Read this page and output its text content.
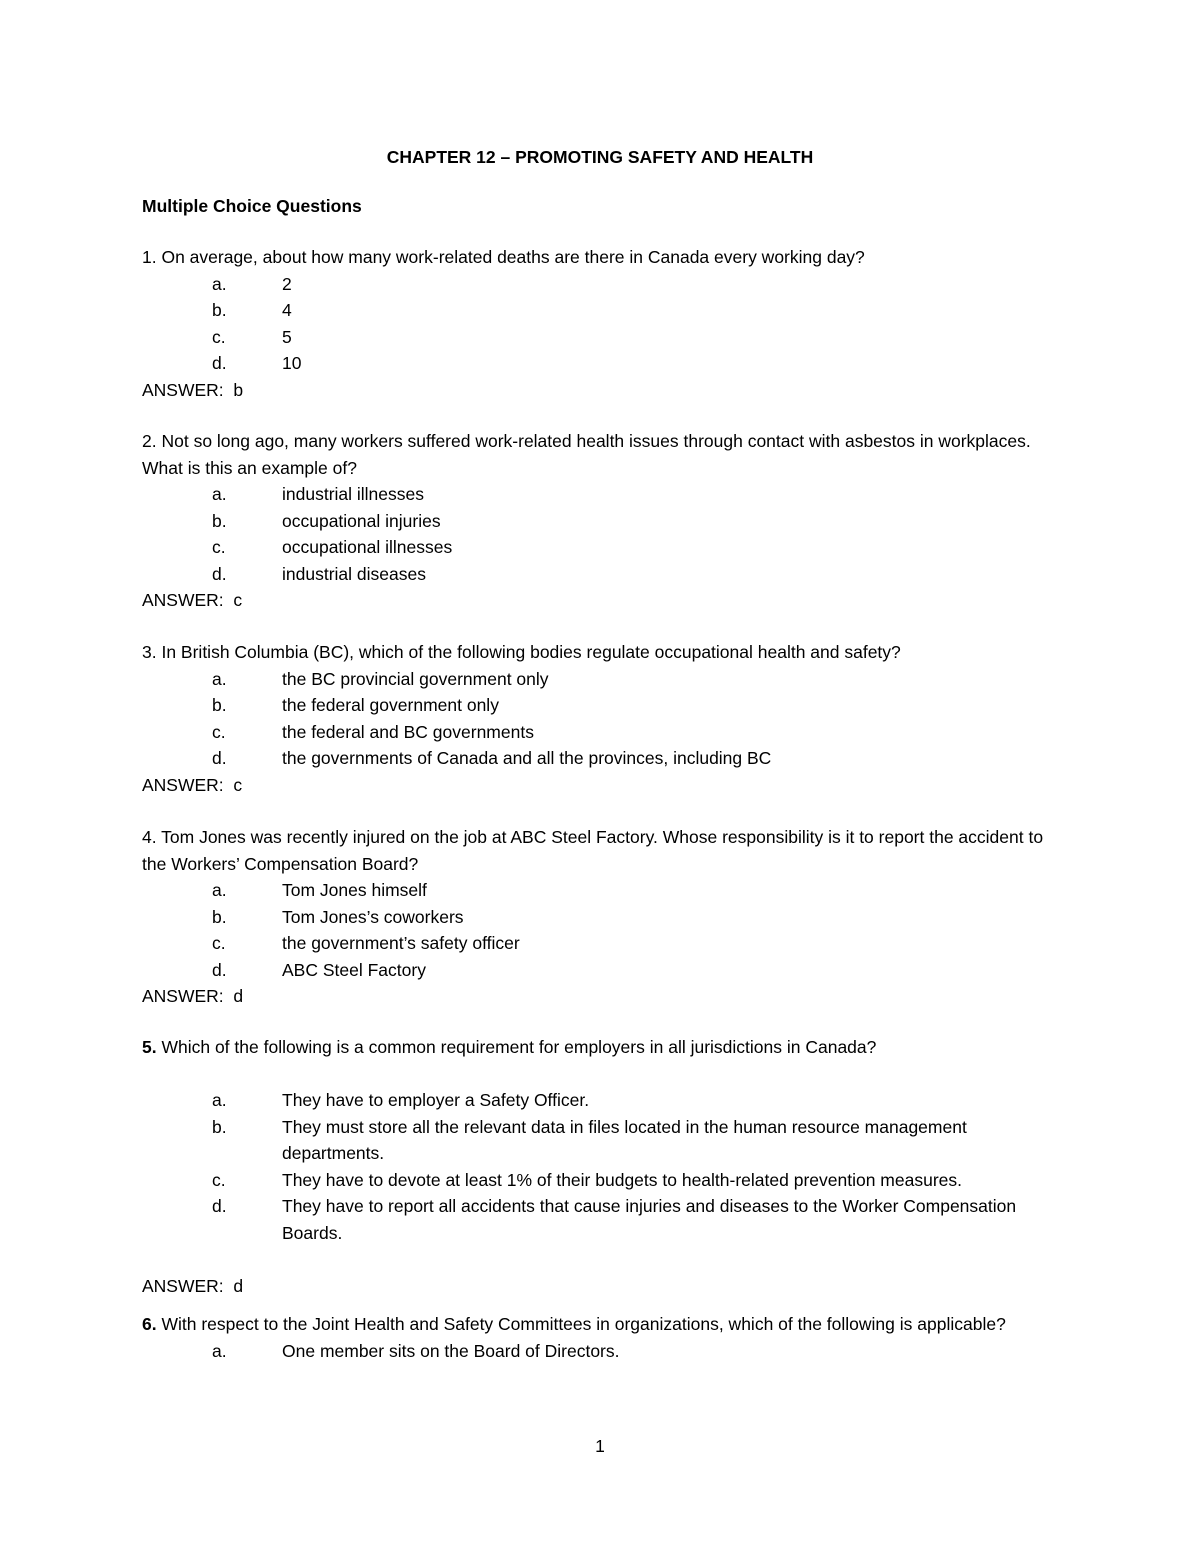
CHAPTER 12 – PROMOTING SAFETY AND HEALTH
Multiple Choice Questions
1. On average, about how many work-related deaths are there in Canada every working day?
a.	2
b.	4
c.	5
d.	10
ANSWER: b
2. Not so long ago, many workers suffered work-related health issues through contact with asbestos in workplaces. What is this an example of?
a.	industrial illnesses
b.	occupational injuries
c.	occupational illnesses
d.	industrial diseases
ANSWER: c
3. In British Columbia (BC), which of the following bodies regulate occupational health and safety?
a.	the BC provincial government only
b.	the federal government only
c.	the federal and BC governments
d.	the governments of Canada and all the provinces, including BC
ANSWER: c
4. Tom Jones was recently injured on the job at ABC Steel Factory. Whose responsibility is it to report the accident to the Workers’ Compensation Board?
a.	Tom Jones himself
b.	Tom Jones’s coworkers
c.	the government’s safety officer
d.	ABC Steel Factory
ANSWER: d
5. Which of the following is a common requirement for employers in all jurisdictions in Canada?
a.	They have to employer a Safety Officer.
b.	They must store all the relevant data in files located in the human resource management departments.
c.	They have to devote at least 1% of their budgets to health-related prevention measures.
d.	They have to report all accidents that cause injuries and diseases to the Worker Compensation Boards.
ANSWER: d
6. With respect to the Joint Health and Safety Committees in organizations, which of the following is applicable?
a.	One member sits on the Board of Directors.
1
